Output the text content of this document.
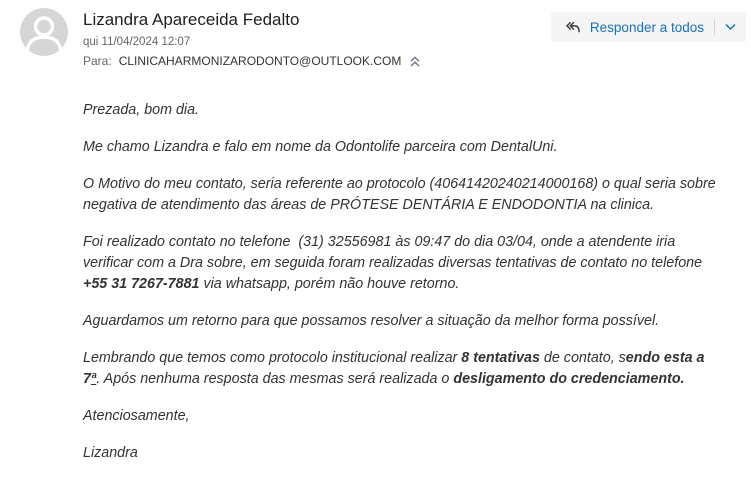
Lizandra Apareceida Fedalto
qui 11/04/2024 12:07
Para: CLINICAHARMONIZARODONTO@OUTLOOK.COM
Responder a todos

Prezada, bom dia.

Me chamo Lizandra e falo em nome da Odontolife parceira com DentalUni.

O Motivo do meu contato, seria referente ao protocolo (40641420240214000168) o qual seria sobre negativa de atendimento das áreas de PRÓTESE DENTÁRIA E ENDODONTIA na clinica.

Foi realizado contato no telefone  (31) 32556981 às 09:47 do dia 03/04, onde a atendente iria verificar com a Dra sobre, em seguida foram realizadas diversas tentativas de contato no telefone +55 31 7267-7881 via whatsapp, porém não houve retorno.

Aguardamos um retorno para que possamos resolver a situação da melhor forma possível.

Lembrando que temos como protocolo institucional realizar 8 tentativas de contato, sendo esta a 7ª. Após nenhuma resposta das mesmas será realizada o desligamento do credenciamento.

Atenciosamente,

Lizandra
